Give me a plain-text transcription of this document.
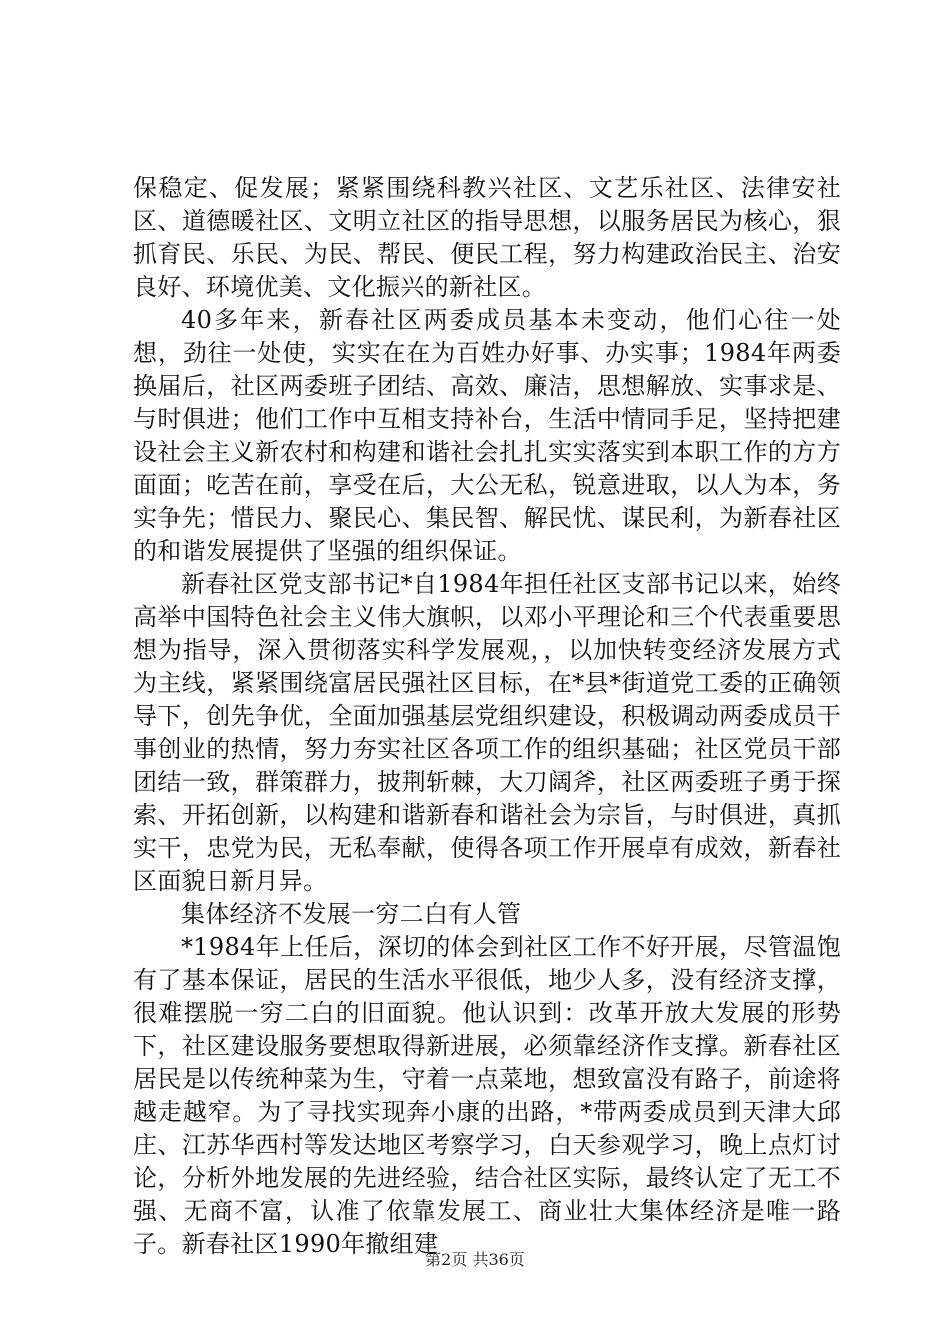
保稳定、促发展；紧紧围绕科教兴社区、文艺乐社区、法律安社区、道德暖社区、文明立社区的指导思想，以服务居民为核心，狠抓育民、乐民、为民、帮民、便民工程，努力构建政治民主、治安良好、环境优美、文化振兴的新社区。

40多年来，新春社区两委成员基本未变动，他们心往一处想，劲往一处使，实实在在为百姓办好事、办实事；1984年两委换届后，社区两委班子团结、高效、廉洁，思想解放、实事求是、与时俱进；他们工作中互相支持补台，生活中情同手足，坚持把建设社会主义新农村和构建和谐社会扎扎实实落实到本职工作的方方面面；吃苦在前，享受在后，大公无私，锐意进取，以人为本，务实争先；惜民力、聚民心、集民智、解民忧、谋民利，为新春社区的和谐发展提供了坚强的组织保证。

新春社区党支部书记*自1984年担任社区支部书记以来，始终高举中国特色社会主义伟大旗帜，以邓小平理论和三个代表重要思想为指导，深入贯彻落实科学发展观，，以加快转变经济发展方式为主线，紧紧围绕富居民强社区目标，在*县*街道党工委的正确领导下，创先争优，全面加强基层党组织建设，积极调动两委成员干事创业的热情，努力夯实社区各项工作的组织基础；社区党员干部团结一致，群策群力，披荆斩棘，大刀阔斧，社区两委班子勇于探索、开拓创新，以构建和谐新春和谐社会为宗旨，与时俱进，真抓实干，忠党为民，无私奉献，使得各项工作开展卓有成效，新春社区面貌日新月异。

集体经济不发展一穷二白有人管

*1984年上任后，深切的体会到社区工作不好开展，尽管温饱有了基本保证，居民的生活水平很低，地少人多，没有经济支撑，很难摆脱一穷二白的旧面貌。他认识到：改革开放大发展的形势下，社区建设服务要想取得新进展，必须靠经济作支撑。新春社区居民是以传统种菜为生，守着一点菜地，想致富没有路子，前途将越走越窄。为了寻找实现奔小康的出路，*带两委成员到天津大邱庄、江苏华西村等发达地区考察学习，白天参观学习，晚上点灯讨论，分析外地发展的先进经验，结合社区实际，最终认定了无工不强、无商不富，认准了依靠发展工、商业壮大集体经济是唯一路子。新春社区1990年撤组建

第2页 共36页
